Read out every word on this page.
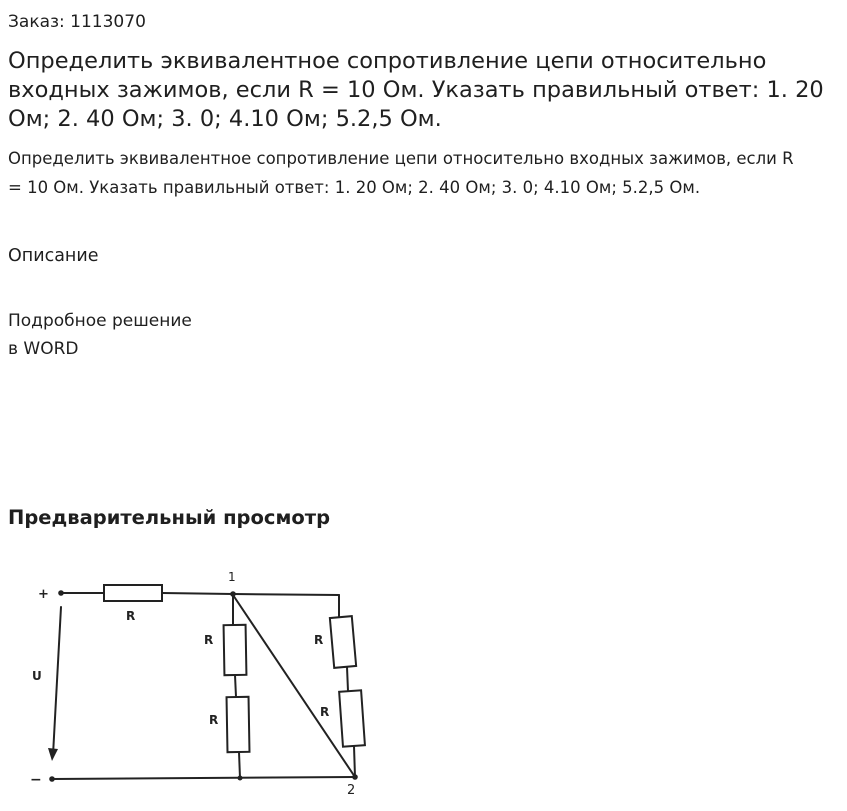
Заказ: 1113070
Определить эквивалентное сопротивление цепи относительно входных зажимов, если R = 10 Ом. Указать правильный ответ: 1. 20 Ом; 2. 40 Ом; 3. 0; 4.10 Ом; 5.2,5 Ом.

Определить эквивалентное сопротивление цепи относительно входных зажимов, если R = 10 Ом. Указать правильный ответ: 1. 20 Ом; 2. 40 Ом; 3. 0; 4.10 Ом; 5.2,5 Ом.

Описание

Подробное решение
в WORD

Предварительный просмотр
+
−
U
1
2
R
R
R
R
R
